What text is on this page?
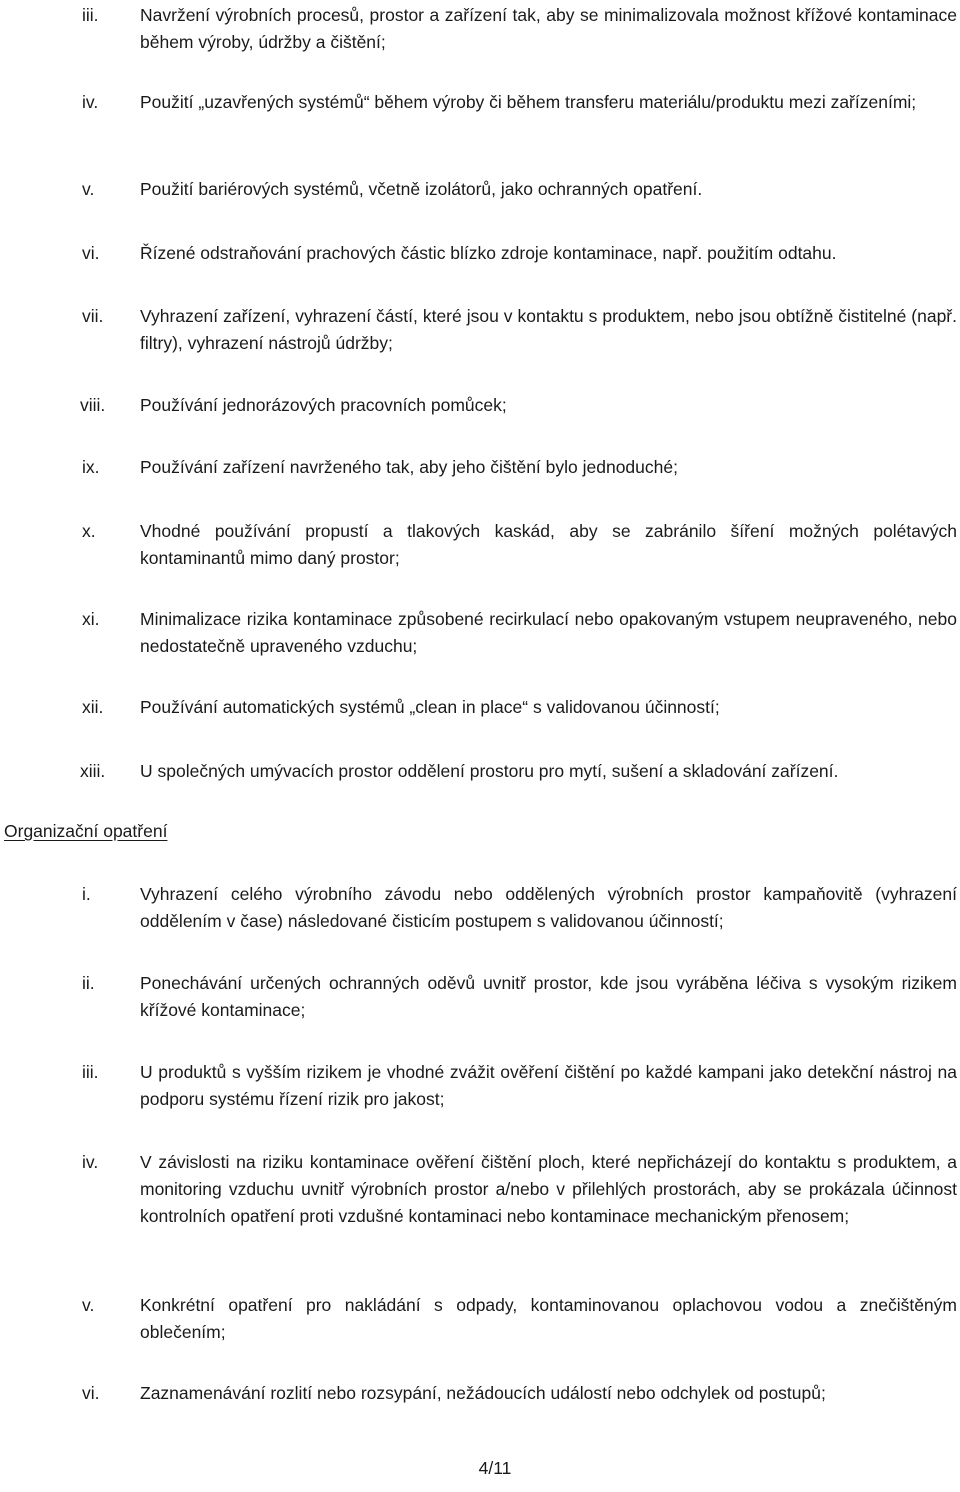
iii. Navržení výrobních procesů, prostor a zařízení tak, aby se minimalizovala možnost křížové kontaminace během výroby, údržby a čištění;
iv. Použití „uzavřených systémů“ během výroby či během transferu materiálu/produktu mezi zařízeními;
v.	Použití bariérových systémů, včetně izolátorů, jako ochranných opatření.
vi. Řízené odstraňování prachových částic blízko zdroje kontaminace, např. použitím odtahu.
vii. Vyhrazení zařízení, vyhrazení částí, které jsou v kontaktu s produktem, nebo jsou obtížně čistitelné (např. filtry), vyhrazení nástrojů údržby;
viii. Používání jednorázových pracovních pomůcek;
ix. Používání zařízení navrženého tak, aby jeho čištění bylo jednoduché;
x.	Vhodné používání propustí a tlakových kaskád, aby se zabránilo šíření možných polétavých kontaminantů mimo daný prostor;
xi. Minimalizace rizika kontaminace způsobené recirkulací nebo opakovaným vstupem neupraveného, nebo nedostatečně upraveného vzduchu;
xii. Používání automatických systémů „clean in place“ s validovanou účinností;
xiii. U společných umývacích prostor oddělení prostoru pro mytí, sušení a skladování zařízení.
Organizační opatření
i.	Vyhrazení celého výrobního závodu nebo oddělených výrobních prostor kampaňovitě (vyhrazení oddělením v čase) následované čisticím postupem s validovanou účinností;
ii.	Ponechávání určených ochranných oděvů uvnitř prostor, kde jsou vyráběna léčiva s vysokým rizikem křížové kontaminace;
iii. U produktů s vyšším rizikem je vhodné zvážit ověření čištění po každé kampani jako detekční nástroj na podporu systému řízení rizik pro jakost;
iv. V závislosti na riziku kontaminace ověření čištění ploch, které nepřicházejí do kontaktu s produktem, a monitoring vzduchu uvnitř výrobních prostor a/nebo v přilehlých prostorách, aby se prokázala účinnost kontrolních opatření proti vzdušné kontaminaci nebo kontaminace mechanickým přenosem;
v.	Konkrétní opatření pro nakládání s odpady, kontaminovanou oplachovou vodou a znečištěným oblečením;
vi. Zaznamenávání rozlití nebo rozsypání, nežádoucích událostí nebo odchylek od postupů;
4/11
